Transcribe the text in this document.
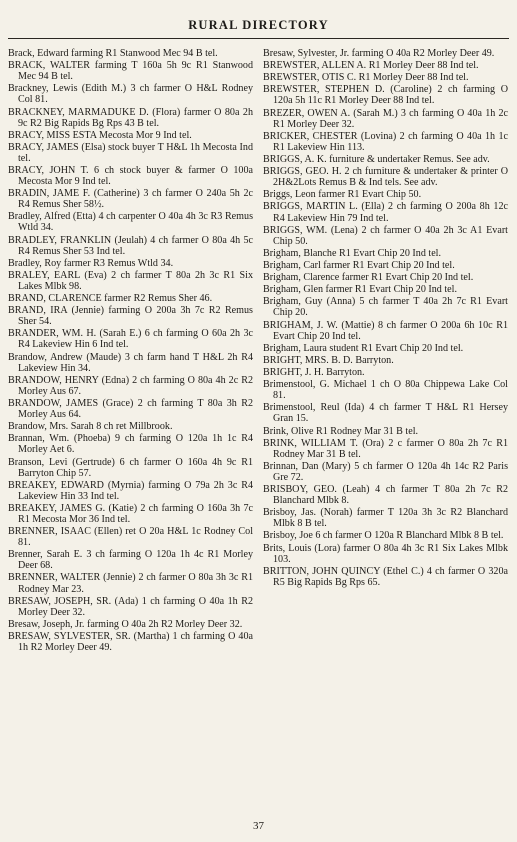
RURAL DIRECTORY

Brack, Edward farming R1 Stanwood Mec 94 B tel.

BRACK, WALTER farming T 160a 5h 9c R1 Stanwood Mec 94 B tel.

Brackney, Lewis (Edith M.) 3 ch farmer O H&L Rodney Col 81.

BRACKNEY, MARMADUKE D. (Flora) farmer O 80a 2h 9c R2 Big Rapids Bg Rps 43 B tel.

BRACY, MISS ESTA Mecosta Mor 9 Ind tel.

BRACY, JAMES (Elsa) stock buyer T H&L 1h Mecosta Ind tel.

BRACY, JOHN T. 6 ch stock buyer & farmer O 100a Mecosta Mor 9 Ind tel.

BRADIN, JAME F. (Catherine) 3 ch farmer O 240a 5h 2c R4 Remus Sher 58½.

Bradley, Alfred (Etta) 4 ch carpenter O 40a 4h 3c R3 Remus Wtld 34.

BRADLEY, FRANKLIN (Jeulah) 4 ch farmer O 80a 4h 5c R4 Remus Sher 53 Ind tel.

Bradley, Roy farmer R3 Remus Wtld 34.

BRALEY, EARL (Eva) 2 ch farmer T 80a 2h 3c R1 Six Lakes Mlbk 98.

BRAND, CLARENCE farmer R2 Remus Sher 46.

BRAND, IRA (Jennie) farming O 200a 3h 7c R2 Remus Sher 54.

BRANDER, WM. H. (Sarah E.) 6 ch farming O 60a 2h 3c R4 Lakeview Hin 6 Ind tel.

Brandow, Andrew (Maude) 3 ch farm hand T H&L 2h R4 Lakeview Hin 34.

BRANDOW, HENRY (Edna) 2 ch farming O 80a 4h 2c R2 Morley Aus 67.

BRANDOW, JAMES (Grace) 2 ch farming T 80a 3h R2 Morley Aus 64.

Brandow, Mrs. Sarah 8 ch ret Millbrook.

Brannan, Wm. (Phoeba) 9 ch farming O 120a 1h 1c R4 Morley Aet 6.

Branson, Levi (Gertrude) 6 ch farmer O 160a 4h 9c R1 Barryton Chip 57.

BREAKEY, EDWARD (Myrnia) farming O 79a 2h 3c R4 Lakeview Hin 33 Ind tel.

BREAKEY, JAMES G. (Katie) 2 ch farming O 160a 3h 7c R1 Mecosta Mor 36 Ind tel.

BRENNER, ISAAC (Ellen) ret O 20a H&L 1c Rodney Col 81.

Brenner, Sarah E. 3 ch farming O 120a 1h 4c R1 Morley Deer 68.

BRENNER, WALTER (Jennie) 2 ch farmer O 80a 3h 3c R1 Rodney Mar 23.

BRESAW, JOSEPH, SR. (Ada) 1 ch farming O 40a 1h R2 Morley Deer 32.

Bresaw, Joseph, Jr. farming O 40a 2h R2 Morley Deer 32.

BRESAW, SYLVESTER, SR. (Martha) 1 ch farming O 40a 1h R2 Morley Deer 49.

Bresaw, Sylvester, Jr. farming O 40a R2 Morley Deer 49.

BREWSTER, ALLEN A. R1 Morley Deer 88 Ind tel.

BREWSTER, OTIS C. R1 Morley Deer 88 Ind tel.

BREWSTER, STEPHEN D. (Caroline) 2 ch farming O 120a 5h 11c R1 Morley Deer 88 Ind tel.

BREZER, OWEN A. (Sarah M.) 3 ch farming O 40a 1h 2c R1 Morley Deer 32.

BRICKER, CHESTER (Lovina) 2 ch farming O 40a 1h 1c R1 Lakeview Hin 113.

BRIGGS, A. K. furniture & undertaker Remus. See adv.

BRIGGS, GEO. H. 2 ch furniture & undertaker & printer O 2H&2Lots Remus B & Ind tels. See adv.

Briggs, Leon farmer R1 Evart Chip 50.

BRIGGS, MARTIN L. (Ella) 2 ch farming O 200a 8h 12c R4 Lakeview Hin 79 Ind tel.

BRIGGS, WM. (Lena) 2 ch farmer O 40a 2h 3c A1 Evart Chip 50.

Brigham, Blanche R1 Evart Chip 20 Ind tel.

Brigham, Carl farmer R1 Evart Chip 20 Ind tel.

Brigham, Clarence farmer R1 Evart Chip 20 Ind tel.

Brigham, Glen farmer R1 Evart Chip 20 Ind tel.

Brigham, Guy (Anna) 5 ch farmer T 40a 2h 7c R1 Evart Chip 20.

BRIGHAM, J. W. (Mattie) 8 ch farmer O 200a 6h 10c R1 Evart Chip 20 Ind tel.

Brigham, Laura student R1 Evart Chip 20 Ind tel.

BRIGHT, MRS. B. D. Barryton.

BRIGHT, J. H. Barryton.

Brimenstool, G. Michael 1 ch O 80a Chippewa Lake Col 81.

Brimenstool, Reul (Ida) 4 ch farmer T H&L R1 Hersey Gran 15.

Brink, Olive R1 Rodney Mar 31 B tel.

BRINK, WILLIAM T. (Ora) 2 c farmer O 80a 2h 7c R1 Rodney Mar 31 B tel.

Brinnan, Dan (Mary) 5 ch farmer O 120a 4h 14c R2 Paris Gre 72.

BRISBOY, GEO. (Leah) 4 ch farmer T 80a 2h 7c R2 Blanchard Mlbk 8.

Brisboy, Jas. (Norah) farmer T 120a 3h 3c R2 Blanchard Mlbk 8 B tel.

Brisboy, Joe 6 ch farmer O 120a R Blanchard Mlbk 8 B tel.

Brits, Louis (Lora) farmer O 80a 4h 3c R1 Six Lakes Mlbk 103.

BRITTON, JOHN QUINCY (Ethel C.) 4 ch farmer O 320a R5 Big Rapids Bg Rps 65.

37
